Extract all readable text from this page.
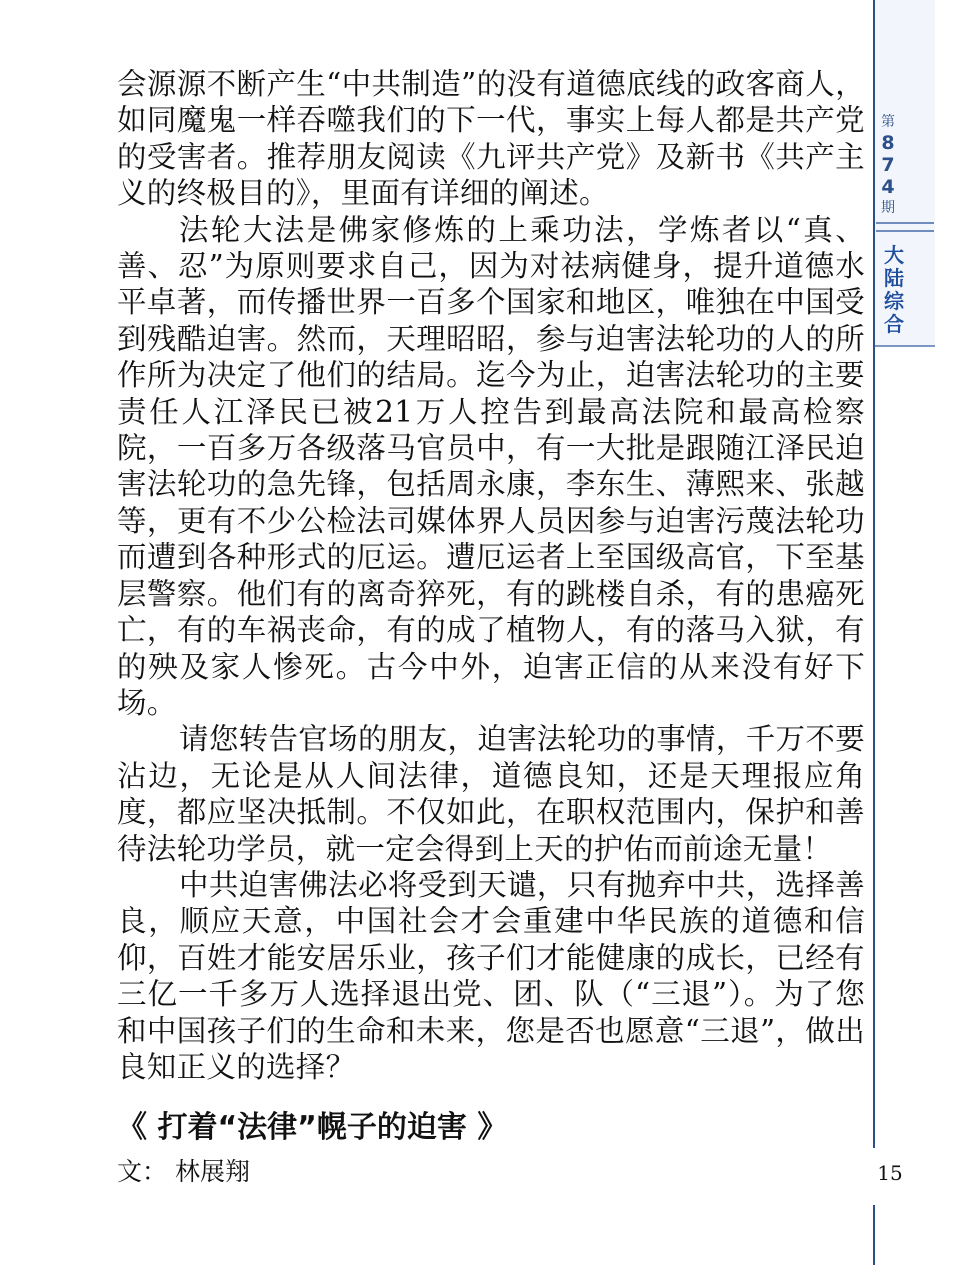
第
8
7
4
期
大
陆
综
合

会源源不断产生“中共制造”的没有道德底线的政客商人，如同魔鬼一样吞噬我们的下一代，事实上每人都是共产党的受害者。推荐朋友阅读《九评共产党》及新书《共产主义的终极目的》，里面有详细的阐述。

法轮大法是佛家修炼的上乘功法，学炼者以“真、善、忍”为原则要求自己，因为对祛病健身，提升道德水平卓著，而传播世界一百多个国家和地区，唯独在中国受到残酷迫害。然而，天理昭昭，参与迫害法轮功的人的所作所为决定了他们的结局。迄今为止，迫害法轮功的主要责任人江泽民已被21万人控告到最高法院和最高检察院，一百多万各级落马官员中，有一大批是跟随江泽民迫害法轮功的急先锋，包括周永康，李东生、薄熙来、张越等，更有不少公检法司媒体界人员因参与迫害污蔑法轮功而遭到各种形式的厄运。遭厄运者上至国级高官，下至基层警察。他们有的离奇猝死，有的跳楼自杀，有的患癌死亡，有的车祸丧命，有的成了植物人，有的落马入狱，有的殃及家人惨死。古今中外，迫害正信的从来没有好下场。

请您转告官场的朋友，迫害法轮功的事情，千万不要沾边，无论是从人间法律，道德良知，还是天理报应角度，都应坚决抵制。不仅如此，在职权范围内，保护和善待法轮功学员，就一定会得到上天的护佑而前途无量！

中共迫害佛法必将受到天谴，只有抛弃中共，选择善良，顺应天意，中国社会才会重建中华民族的道德和信仰，百姓才能安居乐业，孩子们才能健康的成长，已经有三亿一千多万人选择退出党、团、队（“三退”）。为了您和中国孩子们的生命和未来，您是否也愿意“三退”，做出良知正义的选择？

《 打着“法律”幌子的迫害 》
文： 林展翔	15
